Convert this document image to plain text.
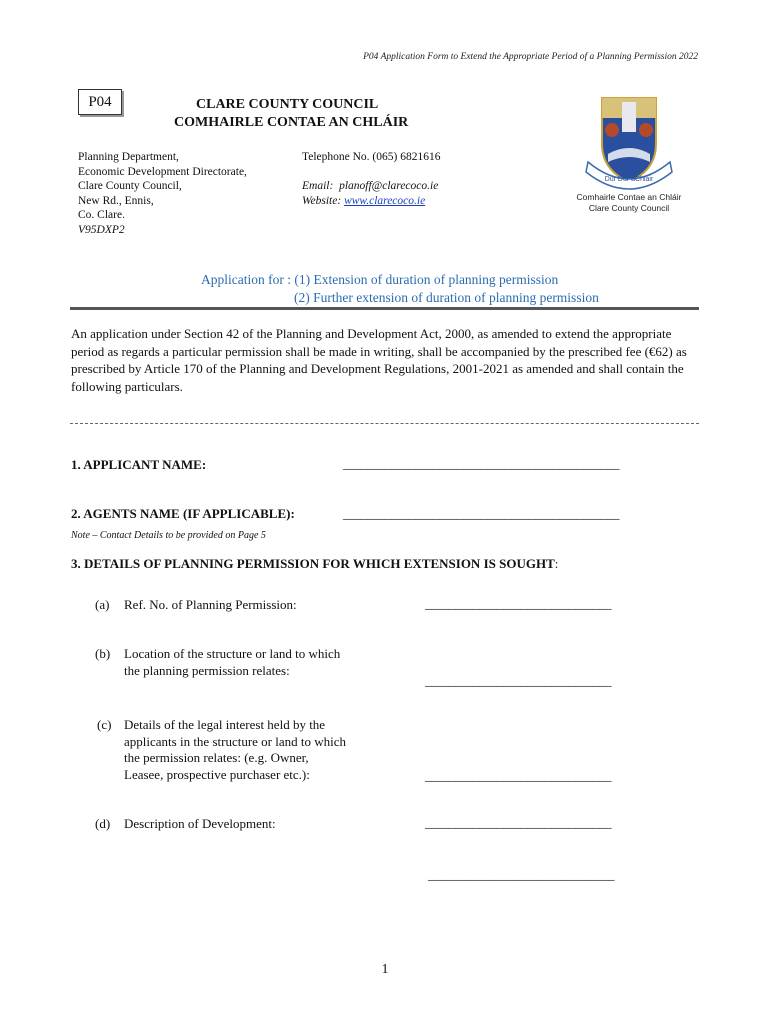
P04 Application Form to Extend the Appropriate Period of a Planning Permission 2022
P04	CLARE COUNTY COUNCIL
COMHAIRLE CONTAE AN CHLÁIR
Planning Department,
Economic Development Directorate,
Clare County Council,
New Rd., Ennis,
Co. Clare.
V95DXP2
Telephone No. (065) 6821616
Email: planoff@clarecoco.ie
Website: www.clarecoco.ie
Dúr Dúr aChláir
Comhairle Contae an Chláir
Clare County Council
Application for : (1) Extension of duration of planning permission
(2) Further extension of duration of planning permission
An application under Section 42 of the Planning and Development Act, 2000, as amended to extend the appropriate period as regards a particular permission shall be made in writing, shall be accompanied by the prescribed fee (€62) as prescribed by Article 170 of the Planning and Development Regulations, 2001-2021 as amended and shall contain the following particulars.
1. APPLICANT NAME:	______________________________________________
2. AGENTS NAME (IF APPLICABLE):	______________________________________________
Note – Contact Details to be provided on Page 5
3. DETAILS OF PLANNING PERMISSION FOR WHICH EXTENSION IS SOUGHT:
(a) Ref. No. of Planning Permission:	_______________________________
(b) Location of the structure or land to which
the planning permission relates:
_______________________________
(c) Details of the legal interest held by the
applicants in the structure or land to which
the permission relates: (e.g. Owner,
Leasee, prospective purchaser etc.):	_______________________________
(d) Description of Development:	_______________________________
_______________________________
1
